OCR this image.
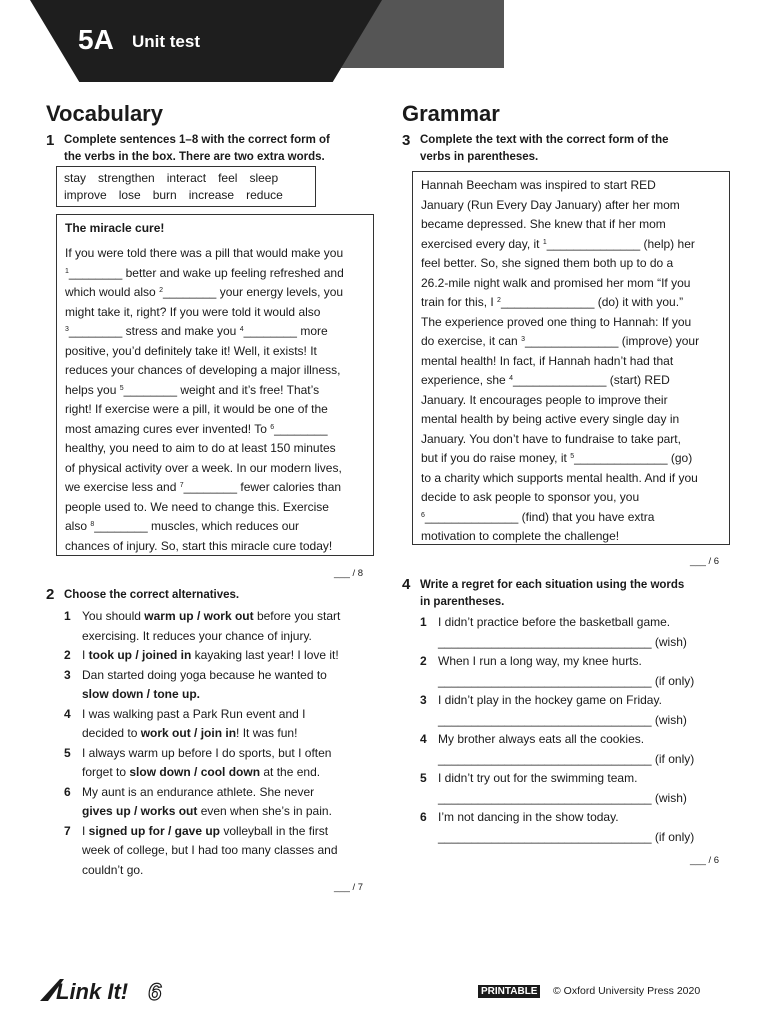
5A Unit test
Vocabulary	Grammar
1 Complete sentences 1–8 with the correct form of
the verbs in the box. There are two extra words.
stay strengthen interact feel sleep
improve lose burn increase reduce
The miracle cure!
If you were told there was a pill that would make you
$^1$________ better and wake up feeling refreshed and
which would also $^2$________ your energy levels, you
might take it, right? If you were told it would also
$^3$________ stress and make you $^4$________ more
positive, you’d definitely take it! Well, it exists! It
reduces your chances of developing a major illness,
helps you $^5$________ weight and it’s free! That’s
right! If exercise were a pill, it would be one of the
most amazing cures ever invented! To $^6$________
healthy, you need to aim to do at least 150 minutes
of physical activity over a week. In our modern lives,
we exercise less and $^7$________ fewer calories than
people used to. We need to change this. Exercise
also $^8$________ muscles, which reduces our
chances of injury. So, start this miracle cure today!
___ / 8
2 Choose the correct alternatives.
1 You should warm up / work out before you start
exercising. It reduces your chance of injury.
2 I took up / joined in kayaking last year! I love it!
3 Dan started doing yoga because he wanted to
slow down / tone up.
4 I was walking past a Park Run event and I
decided to work out / join in! It was fun!
5 I always warm up before I do sports, but I often
forget to slow down / cool down at the end.
6 My aunt is an endurance athlete. She never
gives up / works out even when she’s in pain.
7 I signed up for / gave up volleyball in the first
week of college, but I had too many classes and
couldn’t go.
___ / 7
3 Complete the text with the correct form of the
verbs in parentheses.
Hannah Beecham was inspired to start RED
January (Run Every Day January) after her mom
became depressed. She knew that if her mom
exercised every day, it $^1$______________ (help) her
feel better. So, she signed them both up to do a
26.2-mile night walk and promised her mom “If you
train for this, I $^2$______________ (do) it with you.”
The experience proved one thing to Hannah: If you
do exercise, it can $^3$______________ (improve) your
mental health! In fact, if Hannah hadn’t had that
experience, she $^4$______________ (start) RED
January. It encourages people to improve their
mental health by being active every single day in
January. You don’t have to fundraise to take part,
but if you do raise money, it $^5$______________ (go)
to a charity which supports mental health. And if you
decide to ask people to sponsor you, you
$^6$______________ (find) that you have extra
motivation to complete the challenge!
___ / 6
4 Write a regret for each situation using the words
in parentheses.
1 I didn’t practice before the basketball game.
________________________________ (wish)
2 When I run a long way, my knee hurts.
________________________________ (if only)
3 I didn’t play in the hockey game on Friday.
________________________________ (wish)
4 My brother always eats all the cookies.
________________________________ (if only)
5 I didn’t try out for the swimming team.
________________________________ (wish)
6 I’m not dancing in the show today.
________________________________ (if only)
___ / 6
Link It! 6	PRINTABLE © Oxford University Press 2020
